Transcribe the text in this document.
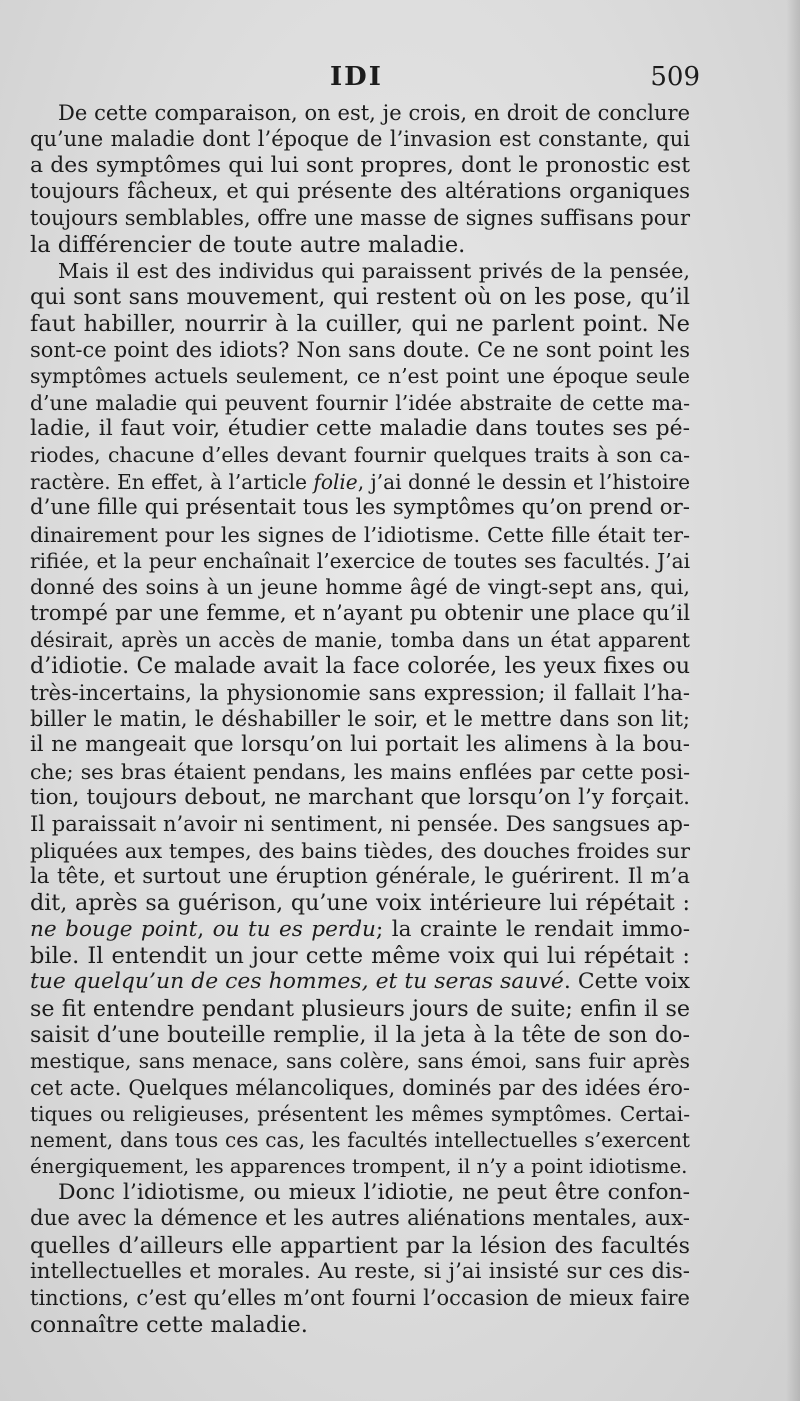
IDI	509
De cette comparaison, on est, je crois, en droit de conclure
qu’une maladie dont l’époque de l’invasion est constante, qui
a des symptômes qui lui sont propres, dont le pronostic est
toujours fâcheux, et qui présente des altérations organiques
toujours semblables, offre une masse de signes suffisans pour
la différencier de toute autre maladie.
Mais il est des individus qui paraissent privés de la pensée,
qui sont sans mouvement, qui restent où on les pose, qu’il
faut habiller, nourrir à la cuiller, qui ne parlent point. Ne
sont-ce point des idiots? Non sans doute. Ce ne sont point les
symptômes actuels seulement, ce n’est point une époque seule
d’une maladie qui peuvent fournir l’idée abstraite de cette ma-
ladie, il faut voir, étudier cette maladie dans toutes ses pé-
riodes, chacune d’elles devant fournir quelques traits à son ca-
ractère. En effet, à l’article folie, j’ai donné le dessin et l’histoire
d’une fille qui présentait tous les symptômes qu’on prend or-
dinairement pour les signes de l’idiotisme. Cette fille était ter-
rifiée, et la peur enchaînait l’exercice de toutes ses facultés. J’ai
donné des soins à un jeune homme âgé de vingt-sept ans, qui,
trompé par une femme, et n’ayant pu obtenir une place qu’il
désirait, après un accès de manie, tomba dans un état apparent
d’idiotie. Ce malade avait la face colorée, les yeux fixes ou
très-incertains, la physionomie sans expression; il fallait l’ha-
biller le matin, le déshabiller le soir, et le mettre dans son lit;
il ne mangeait que lorsqu’on lui portait les alimens à la bou-
che; ses bras étaient pendans, les mains enflées par cette posi-
tion, toujours debout, ne marchant que lorsqu’on l’y forçait.
Il paraissait n’avoir ni sentiment, ni pensée. Des sangsues ap-
pliquées aux tempes, des bains tièdes, des douches froides sur
la tête, et surtout une éruption générale, le guérirent. Il m’a
dit, après sa guérison, qu’une voix intérieure lui répétait :
ne bouge point, ou tu es perdu; la crainte le rendait immo-
bile. Il entendit un jour cette même voix qui lui répétait :
tue quelqu’un de ces hommes, et tu seras sauvé. Cette voix
se fit entendre pendant plusieurs jours de suite; enfin il se
saisit d’une bouteille remplie, il la jeta à la tête de son do-
mestique, sans menace, sans colère, sans émoi, sans fuir après
cet acte. Quelques mélancoliques, dominés par des idées éro-
tiques ou religieuses, présentent les mêmes symptômes. Certai-
nement, dans tous ces cas, les facultés intellectuelles s’exercent
énergiquement, les apparences trompent, il n’y a point idiotisme.
Donc l’idiotisme, ou mieux l’idiotie, ne peut être confon-
due avec la démence et les autres aliénations mentales, aux-
quelles d’ailleurs elle appartient par la lésion des facultés
intellectuelles et morales. Au reste, si j’ai insisté sur ces dis-
tinctions, c’est qu’elles m’ont fourni l’occasion de mieux faire
connaître cette maladie.
